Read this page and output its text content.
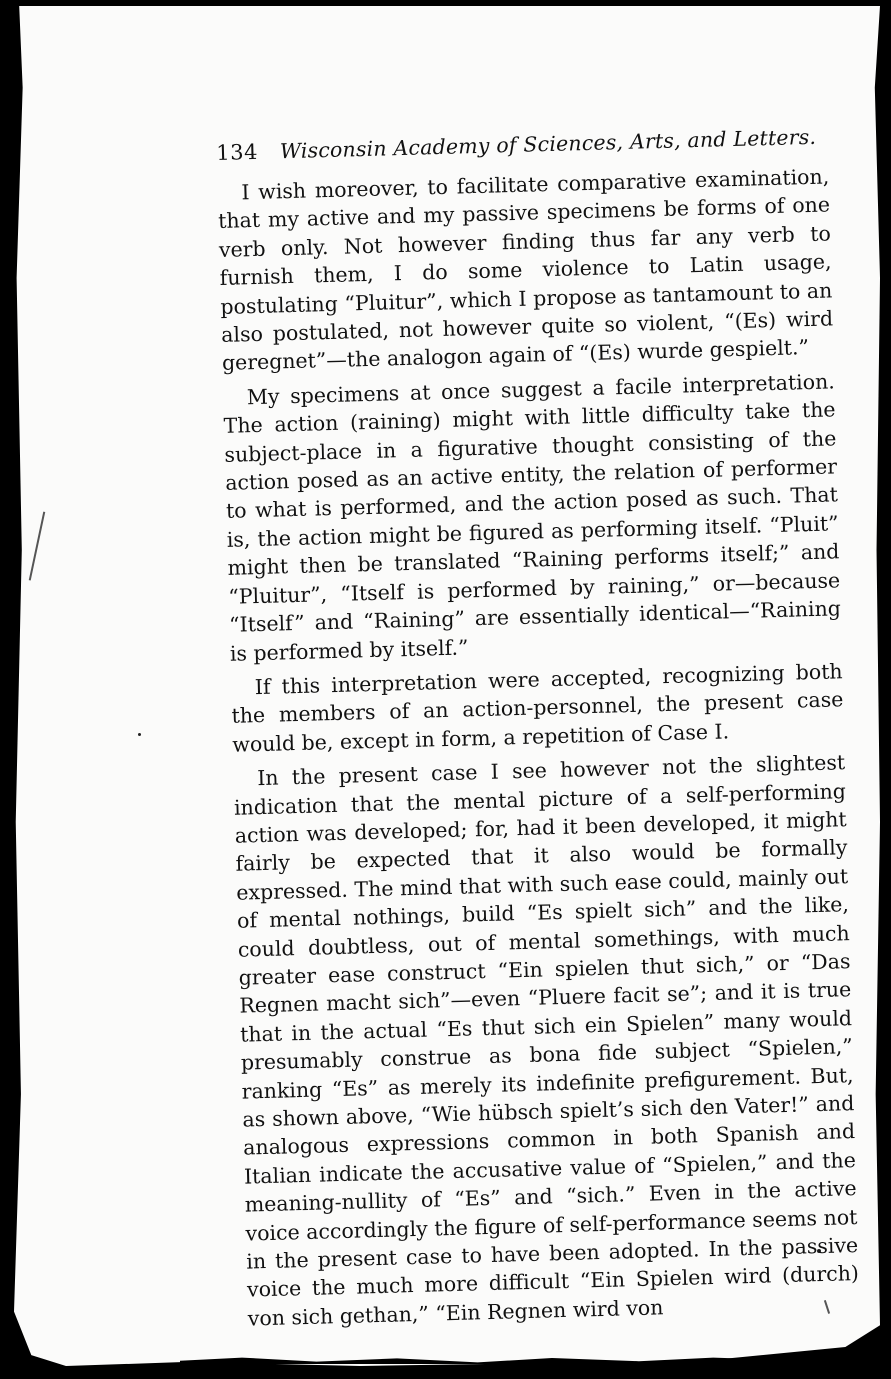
134 Wisconsin Academy of Sciences, Arts, and Letters.

I wish moreover, to facilitate comparative examination, that my active and my passive specimens be forms of one verb only. Not however finding thus far any verb to furnish them, I do some violence to Latin usage, postulating “Pluitur”, which I propose as tantamount to an also postulated, not however quite so violent, “(Es) wird geregnet”—the analogon again of “(Es) wurde gespielt.”

My specimens at once suggest a facile interpretation. The action (raining) might with little difficulty take the subject-place in a figurative thought consisting of the action posed as an active entity, the relation of performer to what is performed, and the action posed as such. That is, the action might be figured as performing itself. “Pluit” might then be translated “Raining performs itself;” and “Pluitur”, “Itself is performed by raining,” or—because “Itself” and “Raining” are essentially identical—“Raining is performed by itself.”

If this interpretation were accepted, recognizing both the members of an action-personnel, the present case would be, except in form, a repetition of Case I.

In the present case I see however not the slightest indication that the mental picture of a self-performing action was developed; for, had it been developed, it might fairly be expected that it also would be formally expressed. The mind that with such ease could, mainly out of mental nothings, build “Es spielt sich” and the like, could doubtless, out of mental somethings, with much greater ease construct “Ein spielen thut sich,” or “Das Regnen macht sich”—even “Pluere facit se”; and it is true that in the actual “Es thut sich ein Spielen” many would presumably construe as bona fide subject “Spielen,” ranking “Es” as merely its indefinite prefigurement. But, as shown above, “Wie hübsch spielt’s sich den Vater!” and analogous expressions common in both Spanish and Italian indicate the accusative value of “Spielen,” and the meaning-nullity of “Es” and “sich.” Even in the active voice accordingly the figure of self-performance seems not in the present case to have been adopted. In the passive voice the much more difficult “Ein Spielen wird (durch) von sich gethan,” “Ein Regnen wird von
